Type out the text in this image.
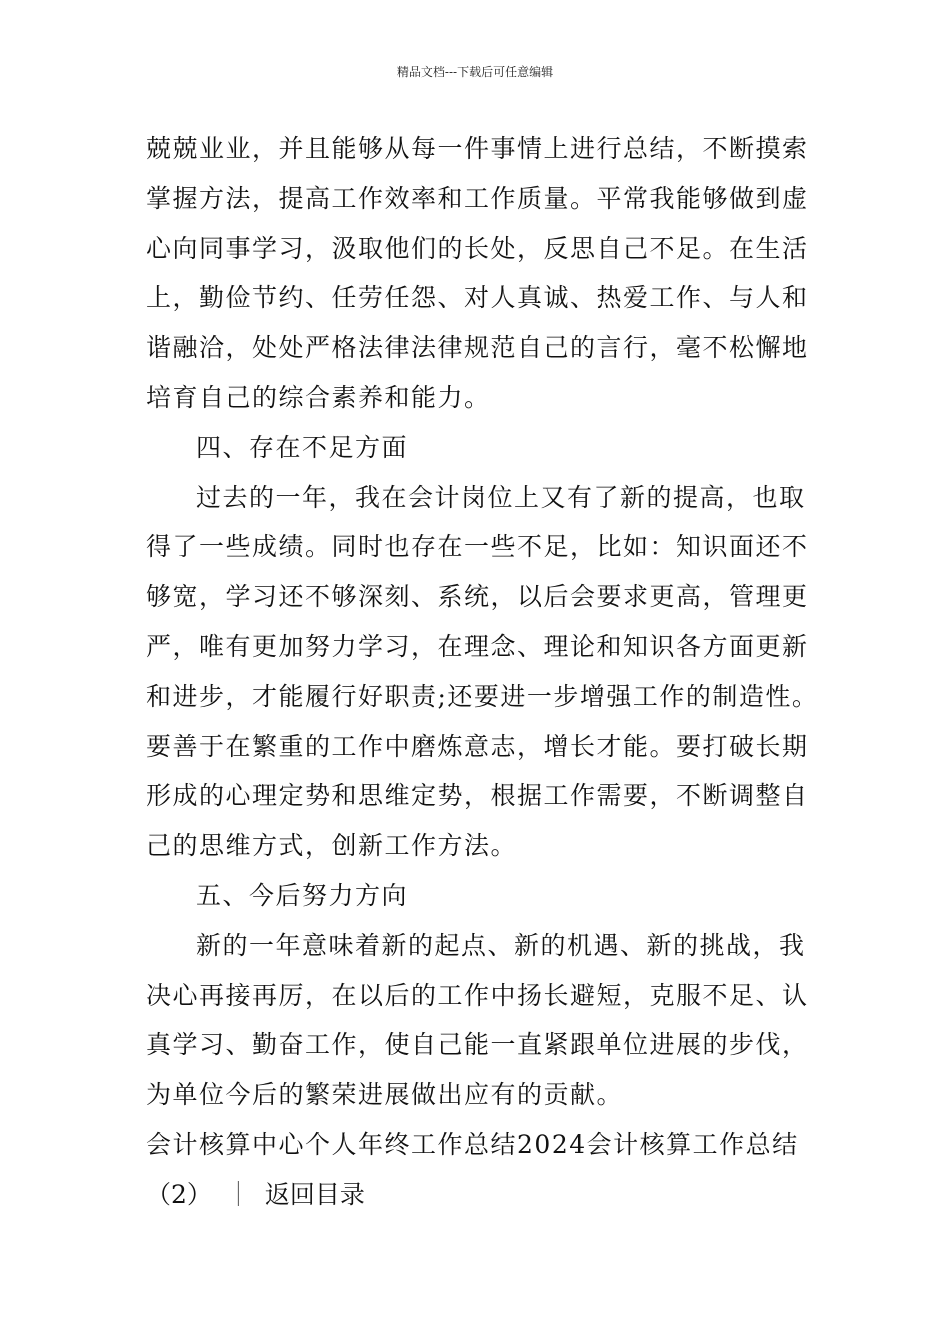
精品文档---下载后可任意编辑
兢兢业业，并且能够从每一件事情上进行总结，不断摸索
掌握方法，提高工作效率和工作质量。平常我能够做到虚
心向同事学习，汲取他们的长处，反思自己不足。在生活
上，勤俭节约、任劳任怨、对人真诚、热爱工作、与人和
谐融洽，处处严格法律法律规范自己的言行，毫不松懈地
培育自己的综合素养和能力。
四、存在不足方面
过去的一年，我在会计岗位上又有了新的提高，也取
得了一些成绩。同时也存在一些不足，比如：知识面还不
够宽，学习还不够深刻、系统，以后会要求更高，管理更
严，唯有更加努力学习，在理念、理论和知识各方面更新
和进步，才能履行好职责;还要进一步增强工作的制造性。
要善于在繁重的工作中磨炼意志，增长才能。要打破长期
形成的心理定势和思维定势，根据工作需要，不断调整自
己的思维方式，创新工作方法。
五、今后努力方向
新的一年意味着新的起点、新的机遇、新的挑战，我
决心再接再厉，在以后的工作中扬长避短，克服不足、认
真学习、勤奋工作，使自己能一直紧跟单位进展的步伐，
为单位今后的繁荣进展做出应有的贡献。
会计核算中心个人年终工作总结2024会计核算工作总结
（2） ｜ 返回目录
